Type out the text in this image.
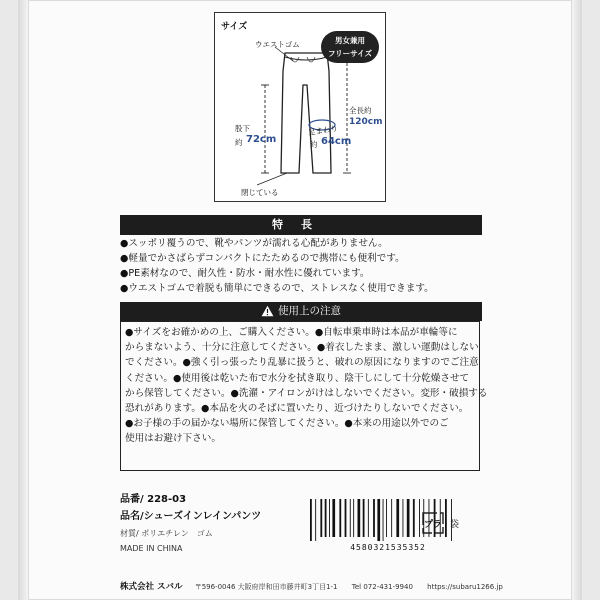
サイズ
男女兼用
フリーサイズ
ウエストゴム
股下
約 72cm
足まわり
約 64cm
全長約
120cm
閉じている
特長
●スッポリ覆うので、靴やパンツが濡れる心配がありません。
●軽量でかさばらずコンパクトにたためるので携帯にも便利です。
●PE素材なので、耐久性・防水・耐水性に優れています。
●ウエストゴムで着脱も簡単にできるので、ストレスなく使用できます。
使用上の注意
●サイズをお確かめの上、ご購入ください。●自転車乗車時は本品が車輪等に
からまないよう、十分に注意してください。●着衣したまま、激しい運動はしない
でください。●強く引っ張ったり乱暴に扱うと、破れの原因になりますのでご注意
ください。●使用後は乾いた布で水分を拭き取り、陰干しにして十分乾燥させて
から保管してください。●洗濯・アイロンがけはしないでください。変形・破損する
恐れがあります。●本品を火のそばに置いたり、近づけたりしないでください。
●お子様の手の届かない場所に保管してください。●本来の用途以外でのご
使用はお避け下さい。
品番/ 228-03
品名/シューズインレインパンツ
材質/ ポリエチレン　ゴム
MADE IN CHINA	4580321535352
プラ 袋
株式会社 スバル 〒596-0046 大阪府岸和田市藤井町3丁目1-1 Tel 072-431-9940 https://subaru1266.jp
